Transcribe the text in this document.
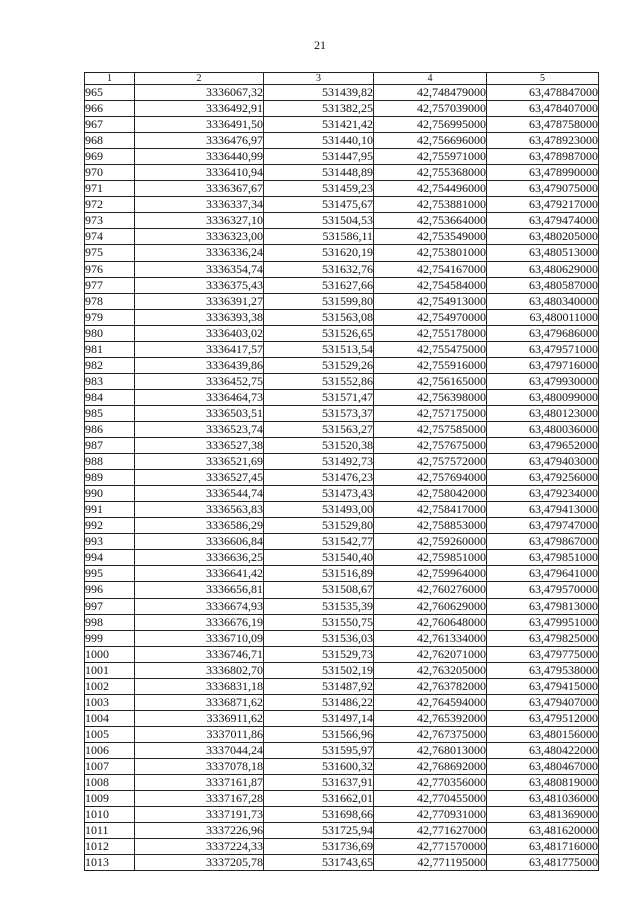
21
1	2	3	4	5
965	3336067,32	531439,82	42,748479000	63,478847000
966	3336492,91	531382,25	42,757039000	63,478407000
967	3336491,50	531421,42	42,756995000	63,478758000
968	3336476,97	531440,10	42,756696000	63,478923000
969	3336440,99	531447,95	42,755971000	63,478987000
970	3336410,94	531448,89	42,755368000	63,478990000
971	3336367,67	531459,23	42,754496000	63,479075000
972	3336337,34	531475,67	42,753881000	63,479217000
973	3336327,10	531504,53	42,753664000	63,479474000
974	3336323,00	531586,11	42,753549000	63,480205000
975	3336336,24	531620,19	42,753801000	63,480513000
976	3336354,74	531632,76	42,754167000	63,480629000
977	3336375,43	531627,66	42,754584000	63,480587000
978	3336391,27	531599,80	42,754913000	63,480340000
979	3336393,38	531563,08	42,754970000	63,480011000
980	3336403,02	531526,65	42,755178000	63,479686000
981	3336417,57	531513,54	42,755475000	63,479571000
982	3336439,86	531529,26	42,755916000	63,479716000
983	3336452,75	531552,86	42,756165000	63,479930000
984	3336464,73	531571,47	42,756398000	63,480099000
985	3336503,51	531573,37	42,757175000	63,480123000
986	3336523,74	531563,27	42,757585000	63,480036000
987	3336527,38	531520,38	42,757675000	63,479652000
988	3336521,69	531492,73	42,757572000	63,479403000
989	3336527,45	531476,23	42,757694000	63,479256000
990	3336544,74	531473,43	42,758042000	63,479234000
991	3336563,83	531493,00	42,758417000	63,479413000
992	3336586,29	531529,80	42,758853000	63,479747000
993	3336606,84	531542,77	42,759260000	63,479867000
994	3336636,25	531540,40	42,759851000	63,479851000
995	3336641,42	531516,89	42,759964000	63,479641000
996	3336656,81	531508,67	42,760276000	63,479570000
997	3336674,93	531535,39	42,760629000	63,479813000
998	3336676,19	531550,75	42,760648000	63,479951000
999	3336710,09	531536,03	42,761334000	63,479825000
1000	3336746,71	531529,73	42,762071000	63,479775000
1001	3336802,70	531502,19	42,763205000	63,479538000
1002	3336831,18	531487,92	42,763782000	63,479415000
1003	3336871,62	531486,22	42,764594000	63,479407000
1004	3336911,62	531497,14	42,765392000	63,479512000
1005	3337011,86	531566,96	42,767375000	63,480156000
1006	3337044,24	531595,97	42,768013000	63,480422000
1007	3337078,18	531600,32	42,768692000	63,480467000
1008	3337161,87	531637,91	42,770356000	63,480819000
1009	3337167,28	531662,01	42,770455000	63,481036000
1010	3337191,73	531698,66	42,770931000	63,481369000
1011	3337226,96	531725,94	42,771627000	63,481620000
1012	3337224,33	531736,69	42,771570000	63,481716000
1013	3337205,78	531743,65	42,771195000	63,481775000
